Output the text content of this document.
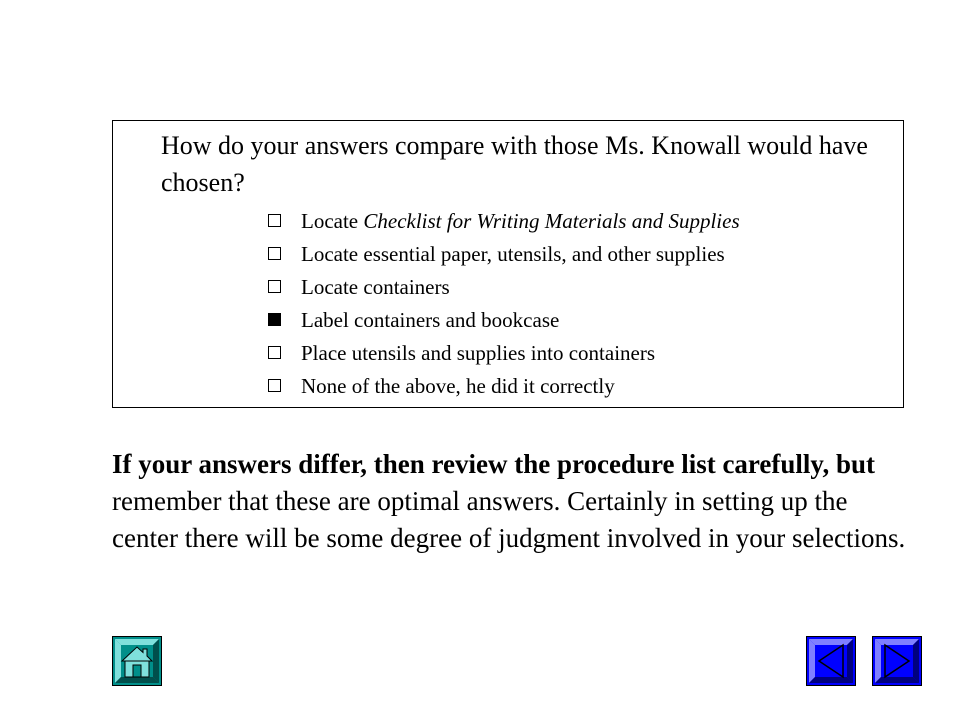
How do your answers compare with those Ms. Knowall would have chosen?
Locate Checklist for Writing Materials and Supplies
Locate essential paper, utensils, and other supplies
Locate containers
Label containers and bookcase
Place utensils and supplies into containers
None of the above, he did it correctly

If your answers differ, then review the procedure list carefully, but remember that these are optimal answers. Certainly in setting up the center there will be some degree of judgment involved in your selections.
